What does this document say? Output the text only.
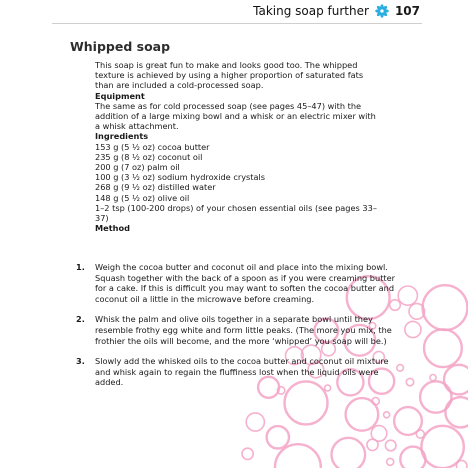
Taking soap further 107
Whipped soap

This soap is great fun to make and looks good too. The whipped texture is achieved by using a higher proportion of saturated fats than are included a cold-processed soap.

Equipment

The same as for cold processed soap (see pages 45–47) with the addition of a large mixing bowl and a whisk or an electric mixer with a whisk attachment.

Ingredients

153 g (5 ½ oz) cocoa butter
235 g (8 ½ oz) coconut oil
200 g (7 oz) palm oil
100 g (3 ½ oz) sodium hydroxide crystals
268 g (9 ½ oz) distilled water
148 g (5 ½ oz) olive oil
1–2 tsp (100-200 drops) of your chosen essential oils (see pages 33–37)

Method

1. Weigh the cocoa butter and coconut oil and place into the mixing bowl. Squash together with the back of a spoon as if you were creaming butter for a cake. If this is difficult you may want to soften the cocoa butter and coconut oil a little in the microwave before creaming.
2. Whisk the palm and olive oils together in a separate bowl until they resemble frothy egg white and form little peaks. (The more you mix, the frothier the oils will become, and the more ‘whipped’ you soap will be.)
3. Slowly add the whisked oils to the cocoa butter and coconut oil mixture and whisk again to regain the fluffiness lost when the liquid oils were added.
